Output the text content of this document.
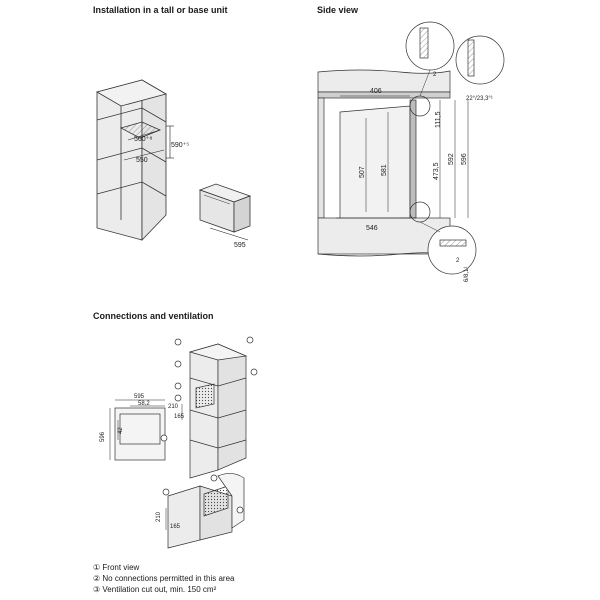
Installation in a tall or base unit	Side view
Connections and ventilation
560⁺⁸
590⁺⁵
550
595
406
111,5
507 581	473,5
592 596
546
2
22°/23,3°¹
2
6/8,1¹
595
58,2
596
42
210
165
210
165
① Front view
② No connections permitted in this area
③ Ventilation cut out, min. 150 cm²
